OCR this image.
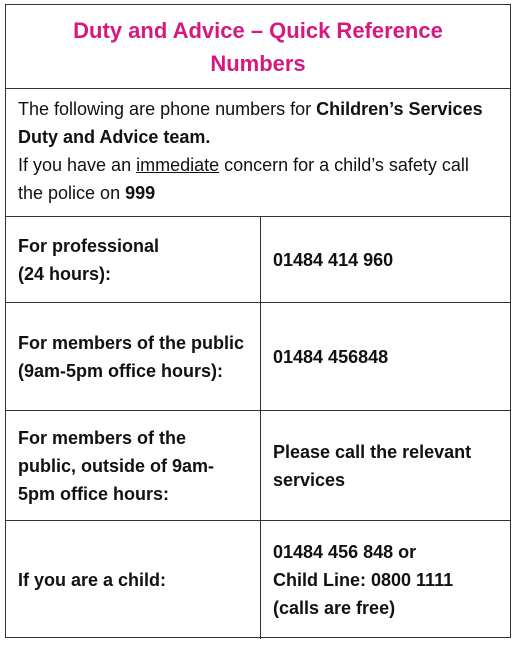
Duty and Advice – Quick Reference Numbers
The following are phone numbers for Children’s Services Duty and Advice team.
If you have an immediate concern for a child’s safety call the police on 999
For professional
(24 hours):
01484 414 960
For members of the public (9am-5pm office hours):
01484 456848
For members of the public, outside of 9am-5pm office hours:
Please call the relevant services
If you are a child:
01484 456 848 or
Child Line: 0800 1111
(calls are free)
